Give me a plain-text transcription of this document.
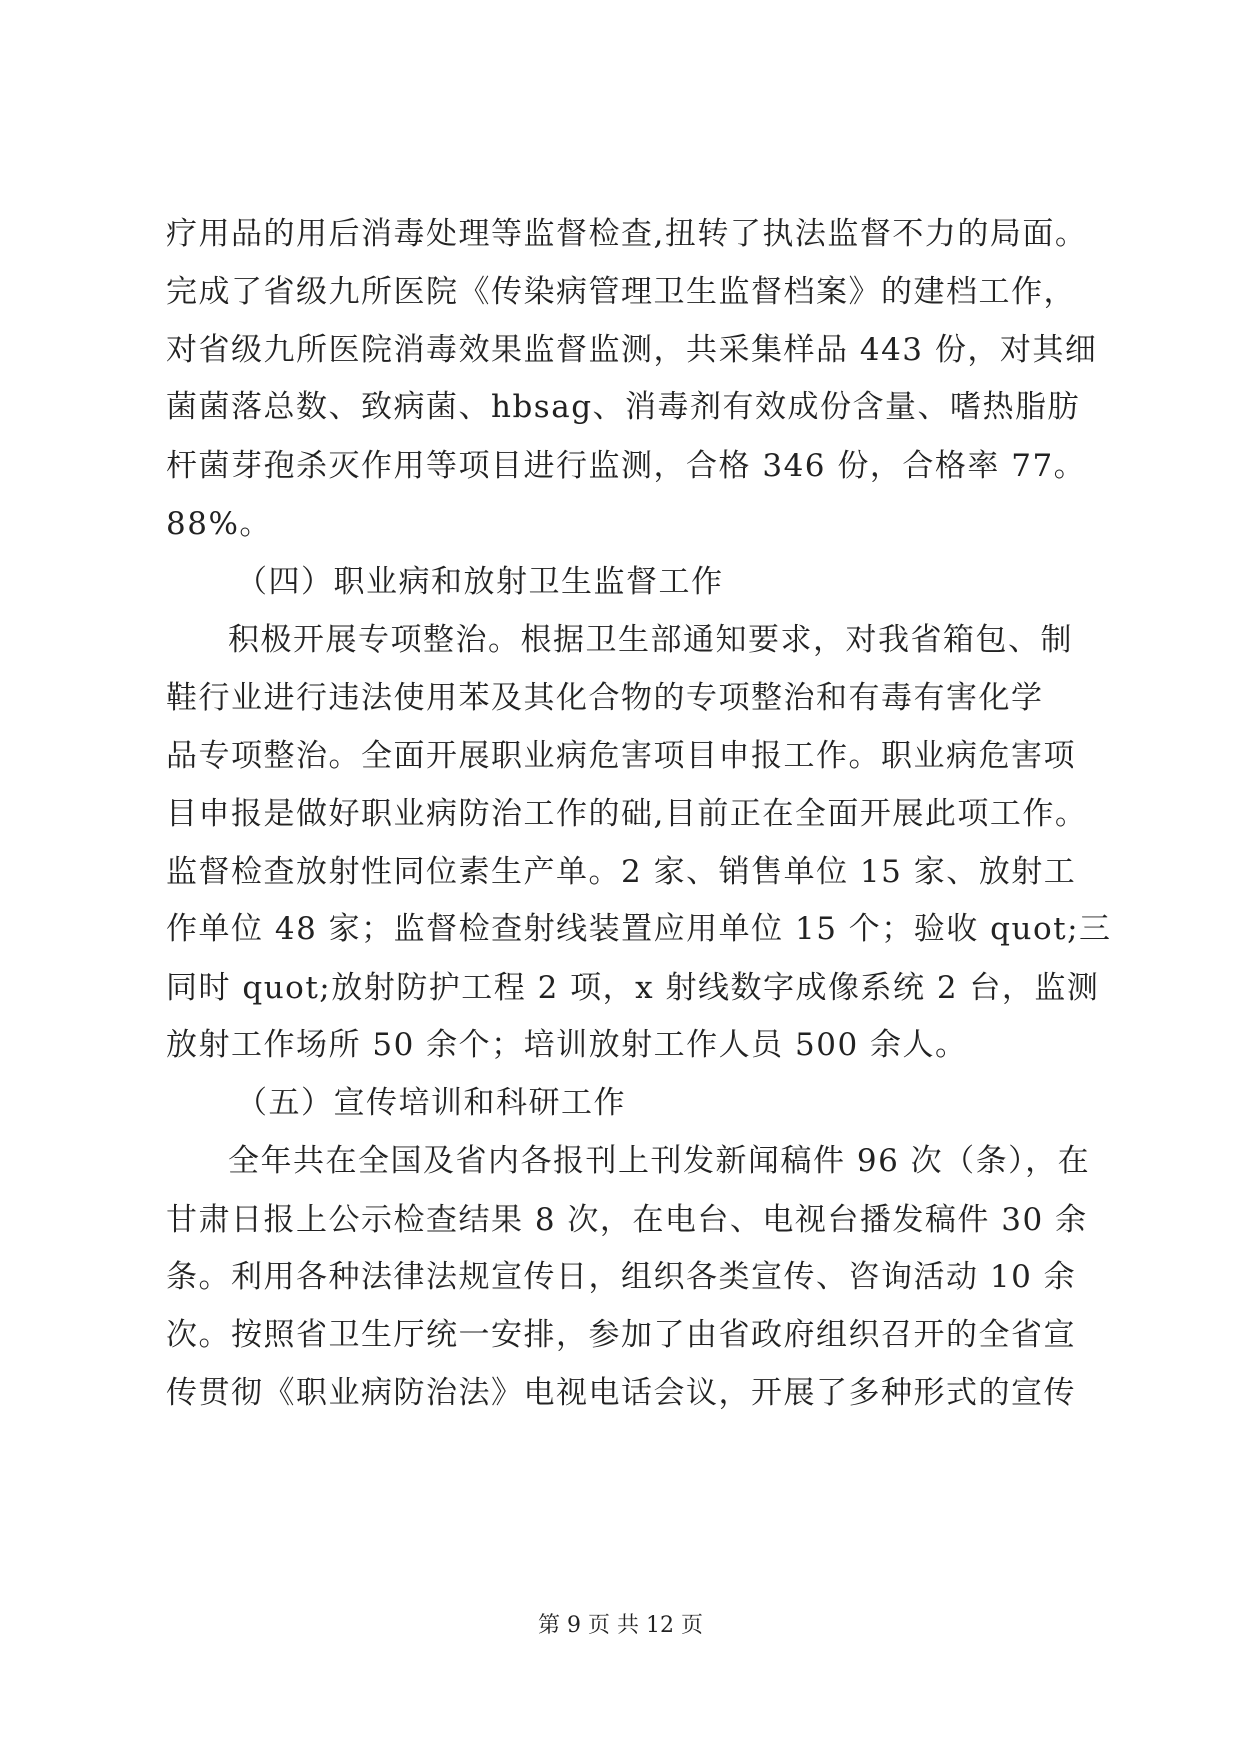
疗用品的用后消毒处理等监督检查,扭转了执法监督不力的局面。
完成了省级九所医院《传染病管理卫生监督档案》的建档工作，
对省级九所医院消毒效果监督监测，共采集样品 443 份，对其细
菌菌落总数、致病菌、hbsag、消毒剂有效成份含量、嗜热脂肪
杆菌芽孢杀灭作用等项目进行监测，合格 346 份，合格率 77。
88%。
（四）职业病和放射卫生监督工作
积极开展专项整治。根据卫生部通知要求，对我省箱包、制
鞋行业进行违法使用苯及其化合物的专项整治和有毒有害化学
品专项整治。全面开展职业病危害项目申报工作。职业病危害项
目申报是做好职业病防治工作的础,目前正在全面开展此项工作。
监督检查放射性同位素生产单。2 家、销售单位 15 家、放射工
作单位 48 家；监督检查射线装置应用单位 15 个；验收 quot;三
同时 quot;放射防护工程 2 项，x 射线数字成像系统 2 台，监测
放射工作场所 50 余个；培训放射工作人员 500 余人。
（五）宣传培训和科研工作
全年共在全国及省内各报刊上刊发新闻稿件 96 次（条），在
甘肃日报上公示检查结果 8 次，在电台、电视台播发稿件 30 余
条。利用各种法律法规宣传日，组织各类宣传、咨询活动 10 余
次。按照省卫生厅统一安排，参加了由省政府组织召开的全省宣
传贯彻《职业病防治法》电视电话会议，开展了多种形式的宣传
第 9 页 共 12 页
